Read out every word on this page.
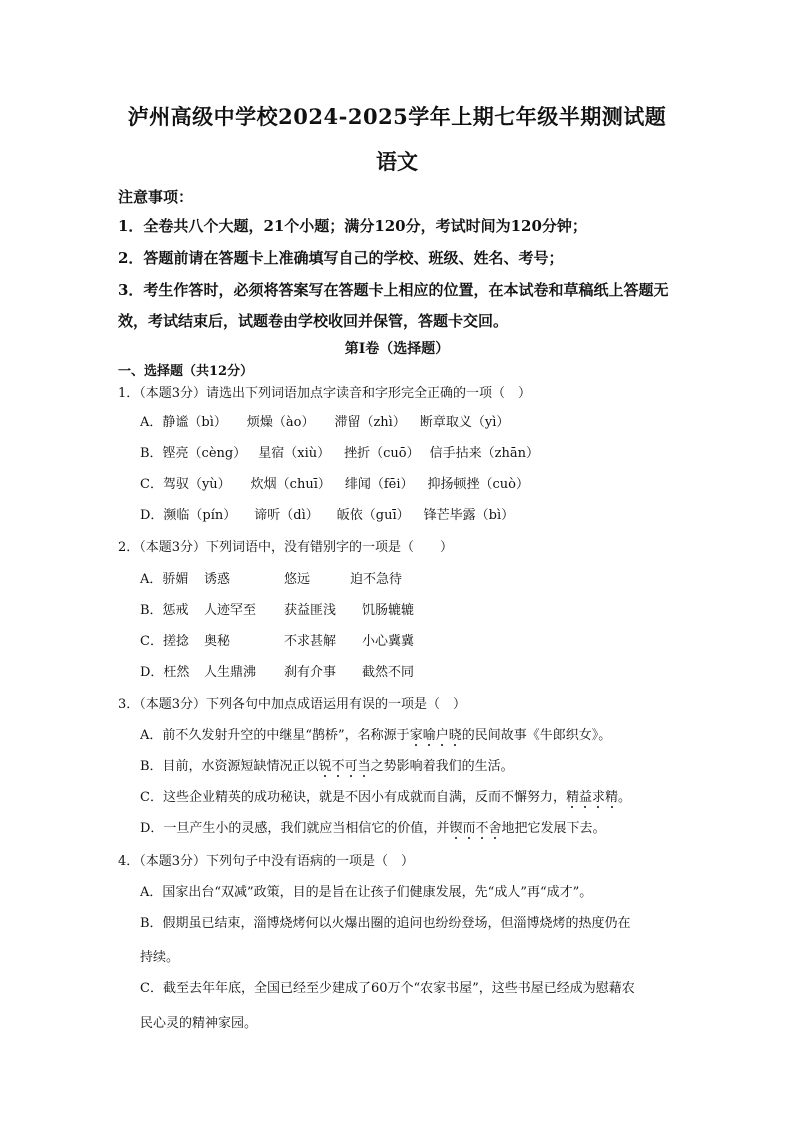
泸州高级中学校2024-2025学年上期七年级半期测试题
语文
注意事项：
1．全卷共八个大题，21个小题；满分120分，考试时间为120分钟；
2．答题前请在答题卡上准确填写自己的学校、班级、姓名、考号；
3．考生作答时，必须将答案写在答题卡上相应的位置，在本试卷和草稿纸上答题无效，考试结束后，试题卷由学校收回并保管，答题卡交回。
第Ⅰ卷（选择题）
一、选择题（共12分）
1．（本题3分）请选出下列词语加点字读音和字形完全正确的一项（　）
A．静谧（bì） 烦燥（ào） 滞留（zhì） 断章取义（yì）
B．铿亮（cèng） 星宿（xiù） 挫折（cuō） 信手拈来（zhān）
C．驾驭（yù） 炊烟（chuī） 绯闻（fēi） 抑扬顿挫（cuò）
D．濒临（pín） 谛听（dì） 皈依（guī） 锋芒毕露（bì）
2．（本题3分）下列词语中，没有错别字的一项是（　　）
A．骄媚 诱惑	悠远	迫不急待
B．惩戒 人迹罕至 获益匪浅 饥肠辘辘
C．搓捻 奥秘	不求甚解 小心冀冀
D．枉然 人生鼎沸 刹有介事 截然不同
3．（本题3分）下列各句中加点成语运用有误的一项是（　）
A．前不久发射升空的中继星“鹊桥”，名称源于家喻户晓的民间故事《牛郎织女》。
B．目前，水资源短缺情况正以锐不可当之势影响着我们的生活。
C．这些企业精英的成功秘诀，就是不因小有成就而自满，反而不懈努力，精益求精。
D．一旦产生小的灵感，我们就应当相信它的价值，并锲而不舍地把它发展下去。
4．（本题3分）下列句子中没有语病的一项是（　）
A．国家出台“双减”政策，目的是旨在让孩子们健康发展，先“成人”再“成才”。
B．假期虽已结束，淄博烧烤何以火爆出圈的追问也纷纷登场，但淄博烧烤的热度仍在
持续。
C．截至去年年底，全国已经至少建成了60万个“农家书屋”，这些书屋已经成为慰藉农
民心灵的精神家园。
